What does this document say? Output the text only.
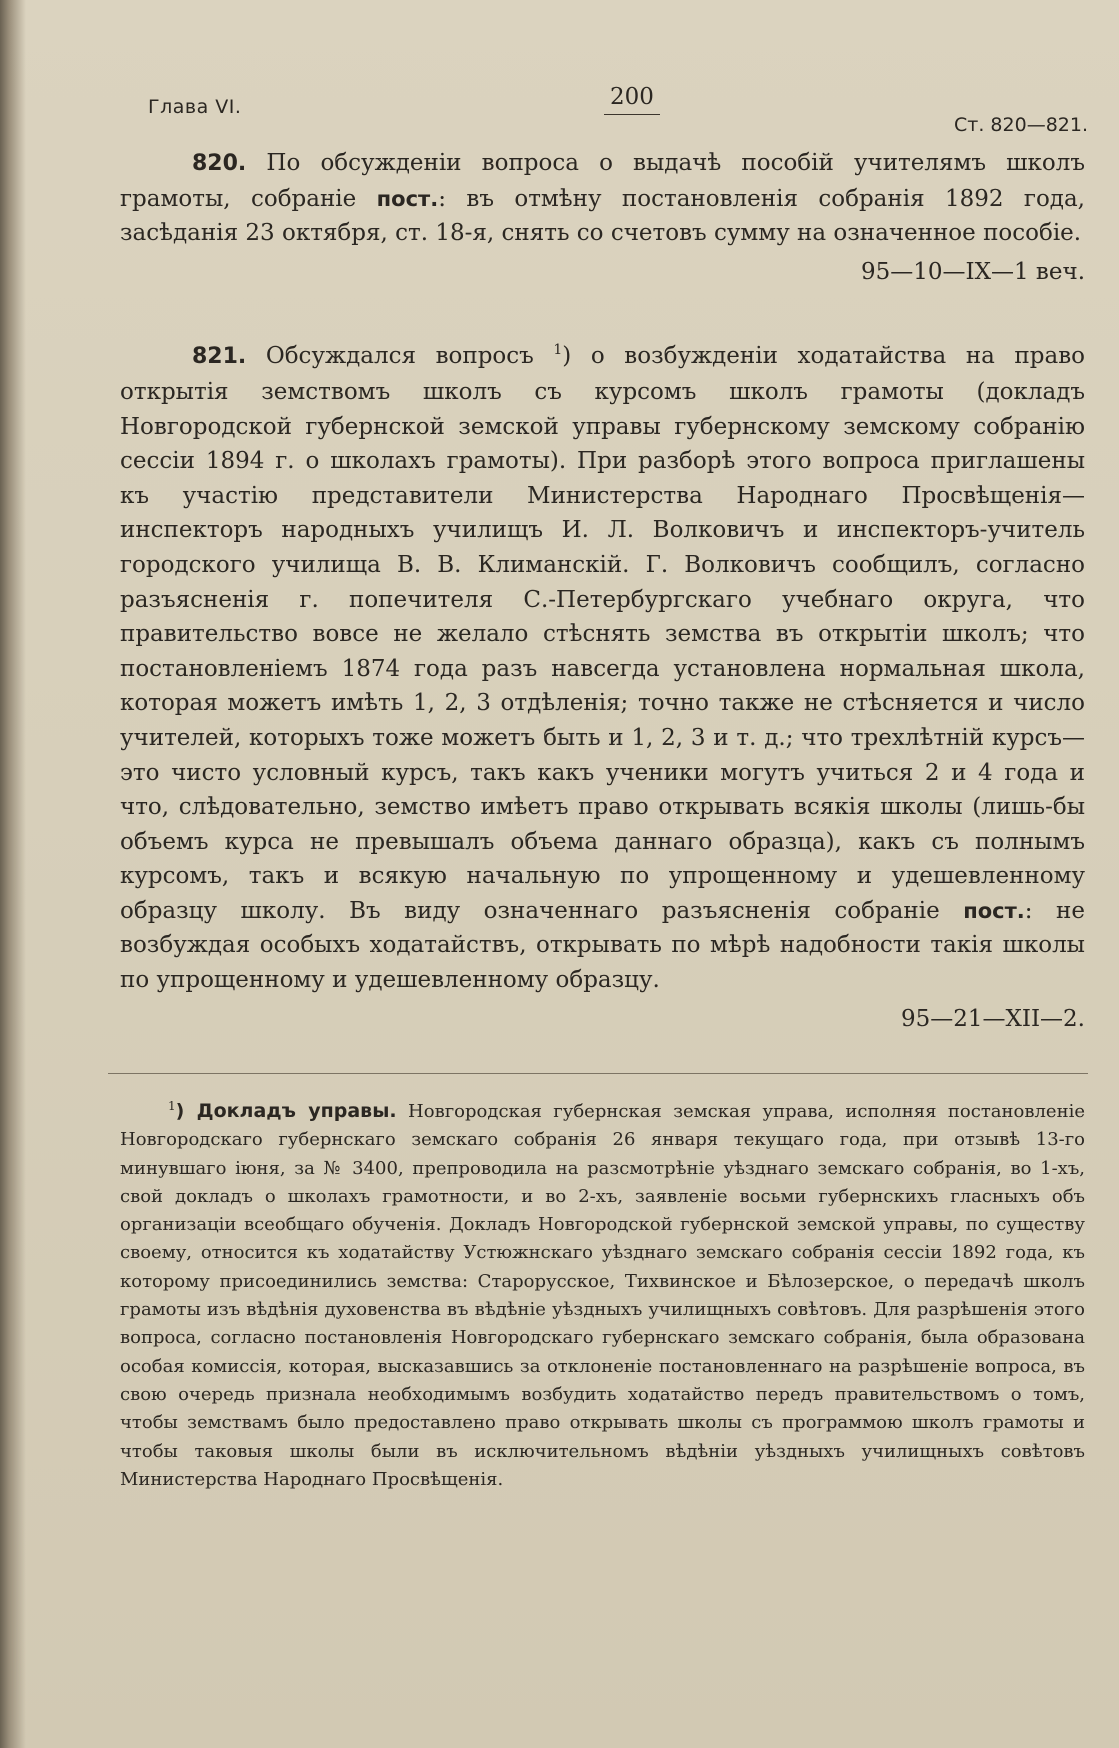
Глава VI.	200
Ст. 820—821.

820. По обсужденіи вопроса о выдачѣ пособій учителямъ школъ грамоты, собраніе пост.: въ отмѣну постановленія собранія 1892 года, засѣданія 23 октября, ст. 18-я, снять со счетовъ сумму на означенное пособіе.
95—10—IX—1 веч.

821. Обсуждался вопросъ $^1$) о возбужденіи ходатайства на право открытія земствомъ школъ съ курсомъ школъ грамоты (докладъ Новгородской губернской земской управы губернскому земскому собранію сессіи 1894 г. о школахъ грамоты). При разборѣ этого вопроса приглашены къ участію представители Министерства Народнаго Просвѣщенія—инспекторъ народныхъ училищъ И. Л. Волковичъ и инспекторъ-учитель городского училища В. В. Климанскій. Г. Волковичъ сообщилъ, согласно разъясненія г. попечителя С.-Петербургскаго учебнаго округа, что правительство вовсе не желало стѣснять земства въ открытіи школъ; что постановленіемъ 1874 года разъ навсегда установлена нормальная школа, которая можетъ имѣть 1, 2, 3 отдѣленія; точно также не стѣсняется и число учителей, которыхъ тоже можетъ быть и 1, 2, 3 и т. д.; что трехлѣтній курсъ—это чисто условный курсъ, такъ какъ ученики могутъ учиться 2 и 4 года и что, слѣдовательно, земство имѣетъ право открывать всякія школы (лишь-бы объемъ курса не превышалъ объема даннаго образца), какъ съ полнымъ курсомъ, такъ и всякую начальную по упрощенному и удешевленному образцу школу. Въ виду означеннаго разъясненія собраніе пост.: не возбуждая особыхъ ходатайствъ, открывать по мѣрѣ надобности такія школы по упрощенному и удешевленному образцу.
95—21—XII—2.

$^1$) Докладъ управы. Новгородская губернская земская управа, исполняя постановленіе Новгородскаго губернскаго земскаго собранія 26 января текущаго года, при отзывѣ 13-го минувшаго іюня, за № 3400, препроводила на разсмотрѣніе уѣзднаго земскаго собранія, во 1-хъ, свой докладъ о школахъ грамотности, и во 2-хъ, заявленіе восьми губернскихъ гласныхъ объ организаціи всеобщаго обученія. Докладъ Новгородской губернской земской управы, по существу своему, относится къ ходатайству Устюжнскаго уѣзднаго земскаго собранія сессіи 1892 года, къ которому присоединились земства: Старорусское, Тихвинское и Бѣлозерское, о передачѣ школъ грамоты изъ вѣдѣнія духовенства въ вѣдѣніе уѣздныхъ училищныхъ совѣтовъ. Для разрѣшенія этого вопроса, согласно постановленія Новгородскаго губернскаго земскаго собранія, была образована особая комиссія, которая, высказавшись за отклоненіе постановленнаго на разрѣшеніе вопроса, въ свою очередь признала необходимымъ возбудить ходатайство передъ правительствомъ о томъ, чтобы земствамъ было предоставлено право открывать школы съ программою школъ грамоты и чтобы таковыя школы были въ исключительномъ вѣдѣніи уѣздныхъ училищныхъ совѣтовъ Министерства Народнаго Просвѣщенія.
